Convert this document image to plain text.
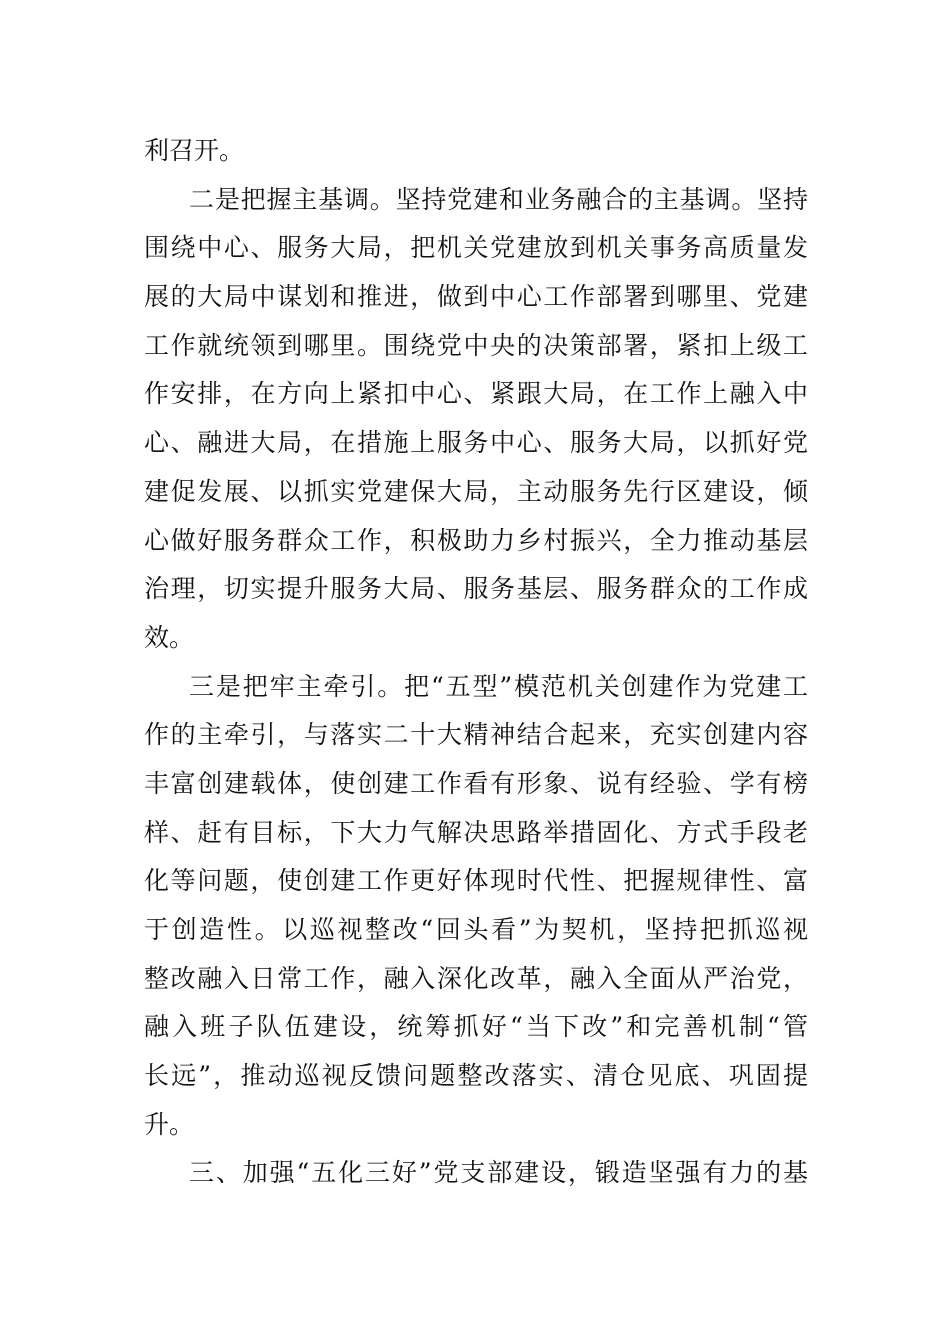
利召开。
二是把握主基调。坚持党建和业务融合的主基调。坚持
围绕中心、服务大局，把机关党建放到机关事务高质量发
展的大局中谋划和推进，做到中心工作部署到哪里、党建
工作就统领到哪里。围绕党中央的决策部署，紧扣上级工
作安排，在方向上紧扣中心、紧跟大局，在工作上融入中
心、融进大局，在措施上服务中心、服务大局，以抓好党
建促发展、以抓实党建保大局，主动服务先行区建设，倾
心做好服务群众工作，积极助力乡村振兴，全力推动基层
治理，切实提升服务大局、服务基层、服务群众的工作成
效。
三是把牢主牵引。把“五型”模范机关创建作为党建工
作的主牵引，与落实二十大精神结合起来，充实创建内容
丰富创建载体，使创建工作看有形象、说有经验、学有榜
样、赶有目标，下大力气解决思路举措固化、方式手段老
化等问题，使创建工作更好体现时代性、把握规律性、富
于创造性。以巡视整改“回头看”为契机，坚持把抓巡视
整改融入日常工作，融入深化改革，融入全面从严治党，
融入班子队伍建设，统筹抓好“当下改”和完善机制“管
长远”，推动巡视反馈问题整改落实、清仓见底、巩固提
升。
三、加强“五化三好”党支部建设，锻造坚强有力的基
